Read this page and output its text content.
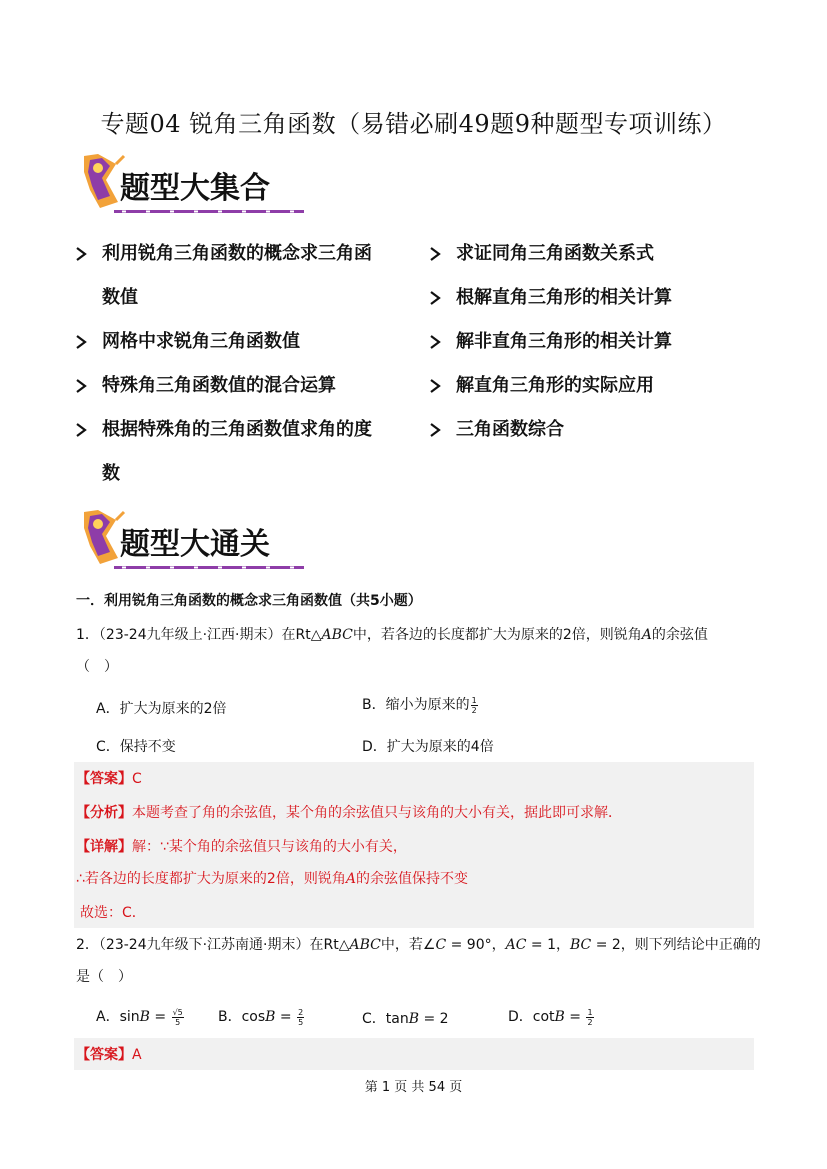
专题04 锐角三角函数（易错必刷49题9种题型专项训练）
题型大集合
利用锐角三角函数的概念求三角函
数值
网格中求锐角三角函数值
特殊角三角函数值的混合运算
根据特殊角的三角函数值求角的度
数
求证同角三角函数关系式
根解直角三角形的相关计算
解非直角三角形的相关计算
解直角三角形的实际应用
三角函数综合
题型大通关
一．利用锐角三角函数的概念求三角函数值（共5小题）
1．（23-24九年级上·江西·期末）在Rt△ABC中，若各边的长度都扩大为原来的2倍，则锐角A的余弦值
（　）
A．扩大为原来的2倍	B．缩小为原来的 $\frac{1}{2}$
C．保持不变	D．扩大为原来的4倍
【答案】C
【分析】本题考查了角的余弦值，某个角的余弦值只与该角的大小有关，据此即可求解．
【详解】解：∵某个角的余弦值只与该角的大小有关，
∴若各边的长度都扩大为原来的2倍，则锐角A的余弦值保持不变
故选：C．
2．（23-24九年级下·江苏南通·期末）在Rt△ABC中，若∠C = 90°，AC = 1，BC = 2，则下列结论中正确的
是（　）
A．$\sin B = \frac{√5}{5}$ B．$\cos B = \frac{2}{5}$	C．tanB = 2	D．$\cot B = \frac{1}{2}$
【答案】A
第 1 页 共 54 页
